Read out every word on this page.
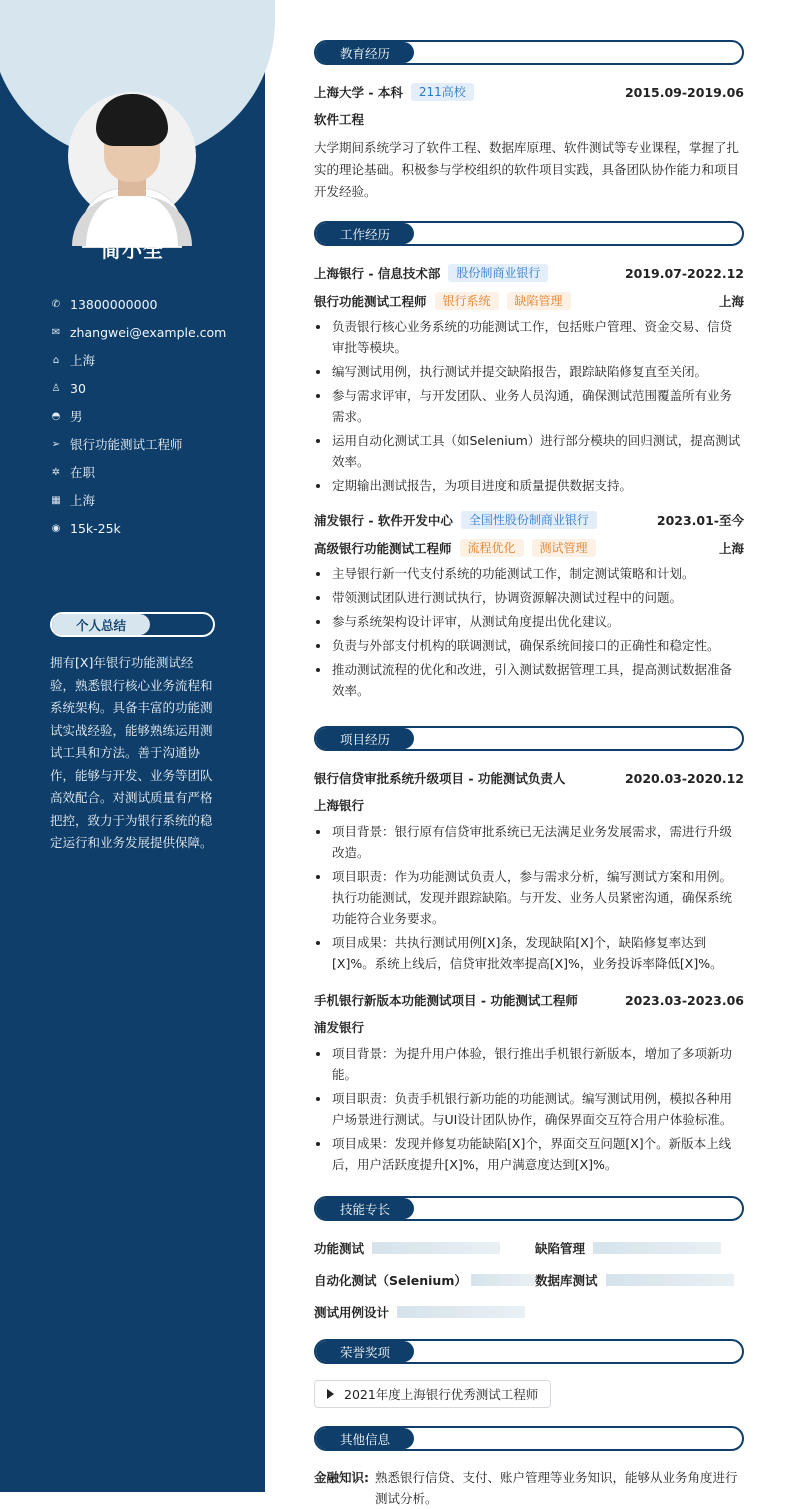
简小全
✆ 13800000000
✉ zhangwei@example.com
⌂ 上海
♙ 30
◓ 男
➢ 银行功能测试工程师
✲ 在职
▦ 上海
◉ 15k-25k
个人总结
拥有[X]年银行功能测试经验，熟悉银行核心业务流程和系统架构。具备丰富的功能测试实战经验，能够熟练运用测试工具和方法。善于沟通协作，能够与开发、业务等团队高效配合。对测试质量有严格把控，致力于为银行系统的稳定运行和业务发展提供保障。
教育经历
上海大学 - 本科	211高校	2015.09-2019.06
软件工程
大学期间系统学习了软件工程、数据库原理、软件测试等专业课程，掌握了扎实的理论基础。积极参与学校组织的软件项目实践，具备团队协作能力和项目开发经验。
工作经历
上海银行 - 信息技术部	股份制商业银行	2019.07-2022.12
银行功能测试工程师	银行系统	缺陷管理	上海
负责银行核心业务系统的功能测试工作，包括账户管理、资金交易、信贷审批等模块。
编写测试用例，执行测试并提交缺陷报告，跟踪缺陷修复直至关闭。
参与需求评审，与开发团队、业务人员沟通，确保测试范围覆盖所有业务需求。
运用自动化测试工具（如Selenium）进行部分模块的回归测试，提高测试效率。
定期输出测试报告，为项目进度和质量提供数据支持。
浦发银行 - 软件开发中心	全国性股份制商业银行	2023.01-至今
高级银行功能测试工程师	流程优化	测试管理	上海
主导银行新一代支付系统的功能测试工作，制定测试策略和计划。
带领测试团队进行测试执行，协调资源解决测试过程中的问题。
参与系统架构设计评审，从测试角度提出优化建议。
负责与外部支付机构的联调测试，确保系统间接口的正确性和稳定性。
推动测试流程的优化和改进，引入测试数据管理工具，提高测试数据准备效率。
项目经历
银行信贷审批系统升级项目 - 功能测试负责人	2020.03-2020.12
上海银行
项目背景：银行原有信贷审批系统已无法满足业务发展需求，需进行升级改造。
项目职责：作为功能测试负责人，参与需求分析，编写测试方案和用例。执行功能测试，发现并跟踪缺陷。与开发、业务人员紧密沟通，确保系统功能符合业务要求。
项目成果：共执行测试用例[X]条，发现缺陷[X]个，缺陷修复率达到[X]%。系统上线后，信贷审批效率提高[X]%，业务投诉率降低[X]%。
手机银行新版本功能测试项目 - 功能测试工程师	2023.03-2023.06
浦发银行
项目背景：为提升用户体验，银行推出手机银行新版本，增加了多项新功能。
项目职责：负责手机银行新功能的功能测试。编写测试用例，模拟各种用户场景进行测试。与UI设计团队协作，确保界面交互符合用户体验标准。
项目成果：发现并修复功能缺陷[X]个，界面交互问题[X]个。新版本上线后，用户活跃度提升[X]%，用户满意度达到[X]%。
技能专长
功能测试	缺陷管理
自动化测试（Selenium）	数据库测试
测试用例设计
荣誉奖项
2021年度上海银行优秀测试工程师
其他信息
金融知识: 熟悉银行信贷、支付、账户管理等业务知识，能够从业务角度进行测试分析。
